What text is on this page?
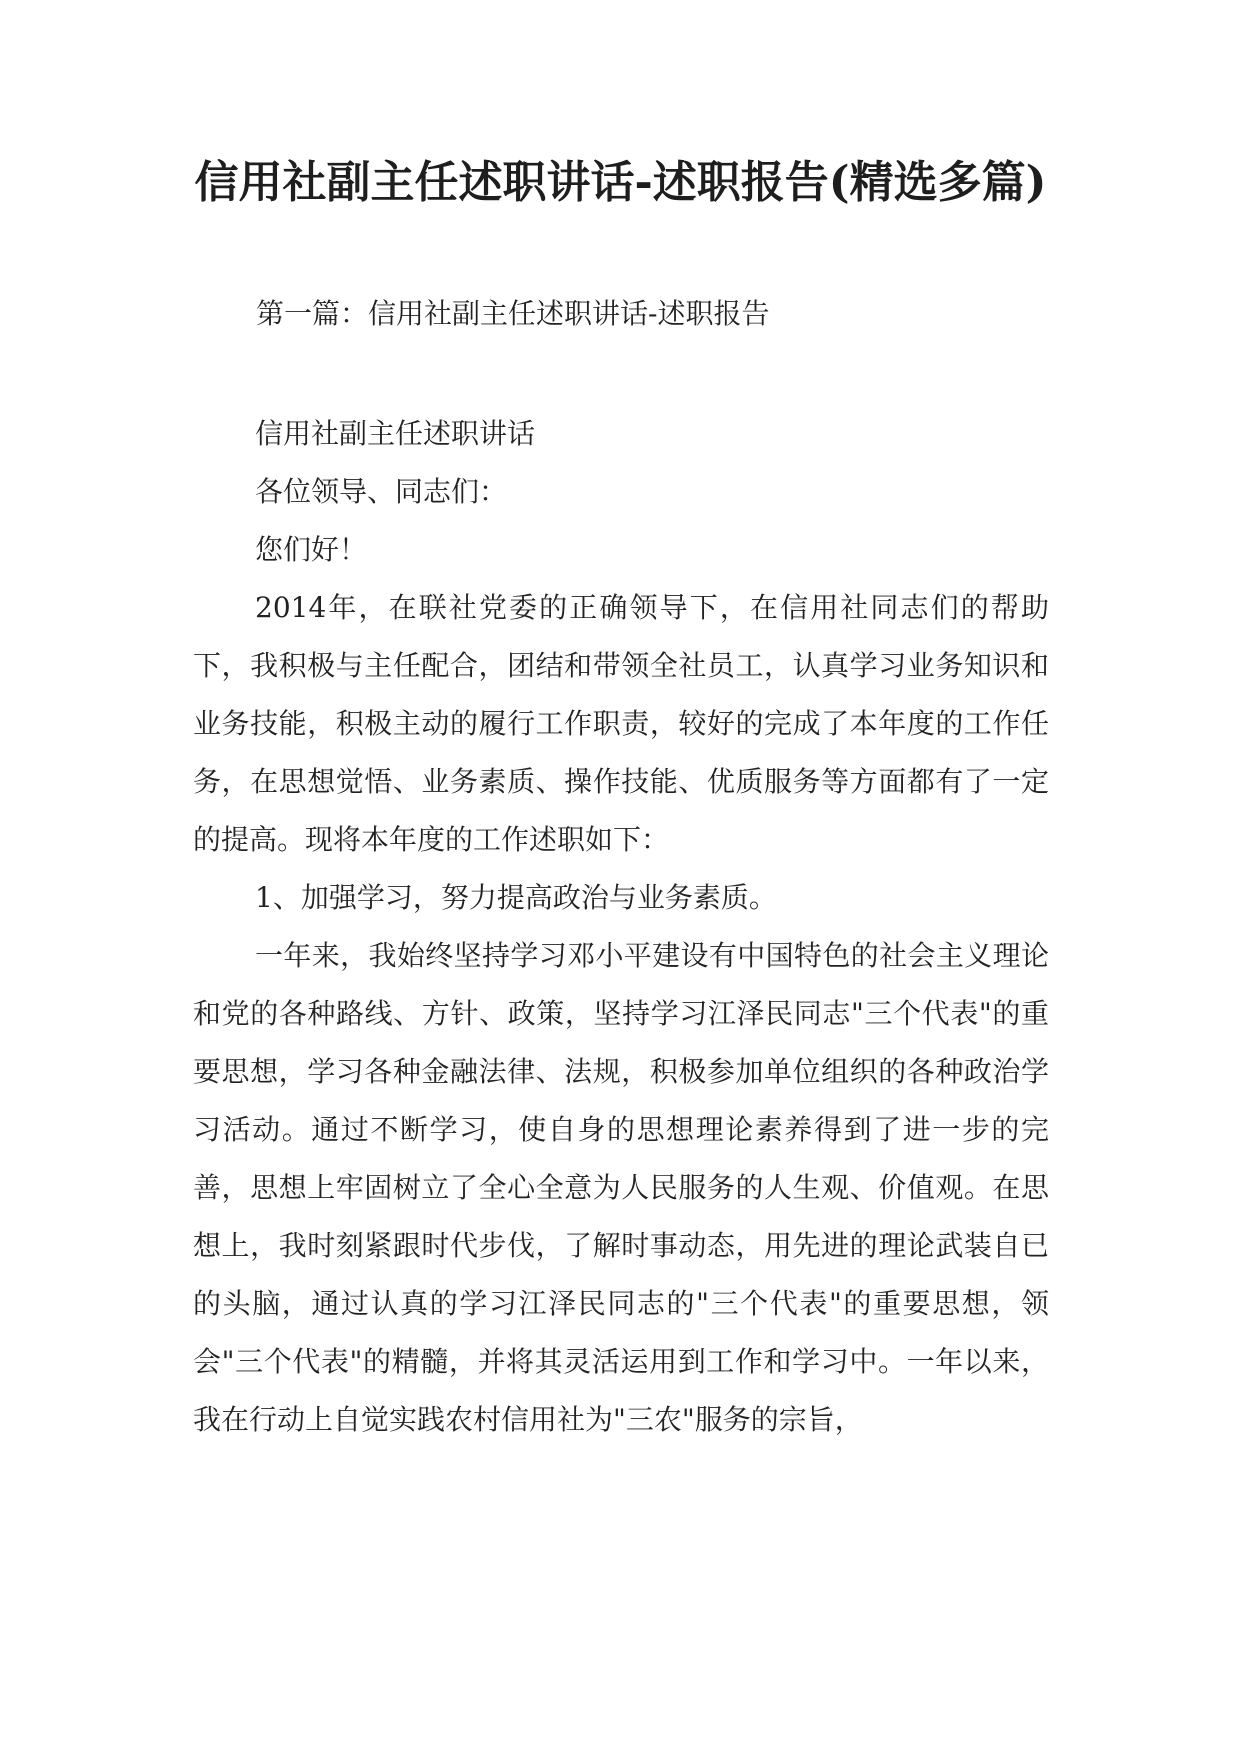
信用社副主任述职讲话-述职报告(精选多篇)

第一篇：信用社副主任述职讲话-述职报告

信用社副主任述职讲话

各位领导、同志们：

您们好！

2014年，在联社党委的正确领导下，在信用社同志们的帮助下，我积极与主任配合，团结和带领全社员工，认真学习业务知识和业务技能，积极主动的履行工作职责，较好的完成了本年度的工作任务，在思想觉悟、业务素质、操作技能、优质服务等方面都有了一定的提高。现将本年度的工作述职如下：

1、加强学习，努力提高政治与业务素质。

一年来，我始终坚持学习邓小平建设有中国特色的社会主义理论和党的各种路线、方针、政策，坚持学习江泽民同志"三个代表"的重要思想，学习各种金融法律、法规，积极参加单位组织的各种政治学习活动。通过不断学习，使自身的思想理论素养得到了进一步的完善，思想上牢固树立了全心全意为人民服务的人生观、价值观。在思想上，我时刻紧跟时代步伐，了解时事动态，用先进的理论武装自已的头脑，通过认真的学习江泽民同志的"三个代表"的重要思想，领会"三个代表"的精髓，并将其灵活运用到工作和学习中。一年以来，我在行动上自觉实践农村信用社为"三农"服务的宗旨，
